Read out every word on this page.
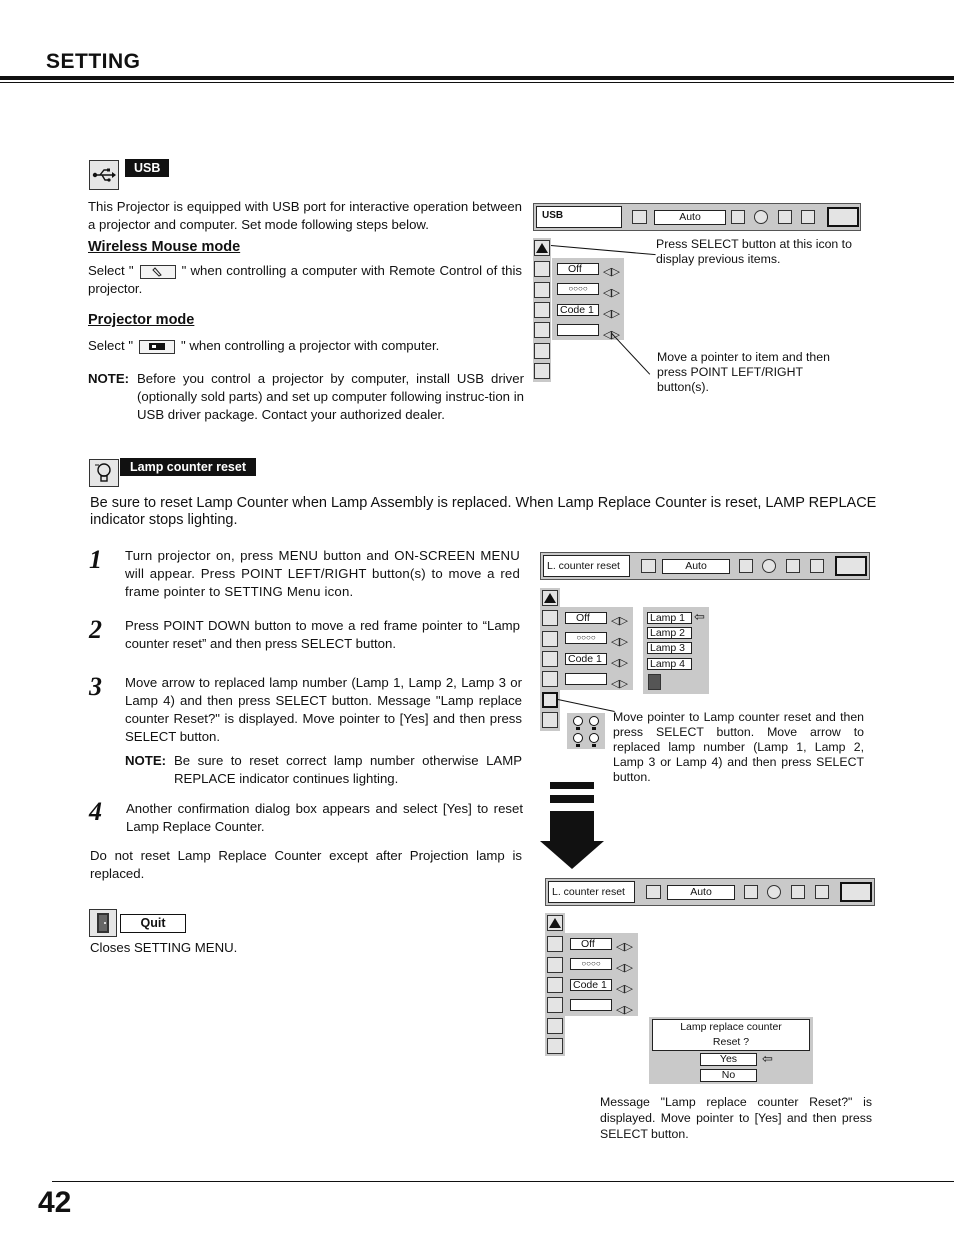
SETTING
USB
This Projector is equipped with USB port for interactive operation between a projector and computer. Set mode following steps below.
Wireless Mouse mode
Select "	" when controlling a computer with Remote Control of this projector.
Projector mode
Select "	" when controlling a projector with computer.
NOTE: Before you control a projector by computer, install USB driver (optionally sold parts) and set up computer following instruc-tion in USB driver package. Contact your authorized dealer.
USB	Auto
Off
○○○○
Code 1
◁▷
◁▷
◁▷
◁▷
Press SELECT button at this icon to display previous items.
Move a pointer to item and then press POINT LEFT/RIGHT button(s).
Lamp counter reset
Be sure to reset Lamp Counter when Lamp Assembly is replaced. When Lamp Replace Counter is reset, LAMP REPLACE indicator stops lighting.
1 Turn projector on, press MENU button and ON-SCREEN MENU will appear. Press POINT LEFT/RIGHT button(s) to move a red frame pointer to SETTING Menu icon.
2 Press POINT DOWN button to move a red frame pointer to “Lamp counter reset” and then press SELECT button.
3 Move arrow to replaced lamp number (Lamp 1, Lamp 2, Lamp 3 or Lamp 4) and then press SELECT button. Message "Lamp replace counter Reset?" is displayed. Move pointer to [Yes] and then press SELECT button.
NOTE: Be sure to reset correct lamp number otherwise LAMP REPLACE indicator continues lighting.
4 Another confirmation dialog box appears and select [Yes] to reset Lamp Replace Counter.
Do not reset Lamp Replace Counter except after Projection lamp is replaced.
L. counter reset	Auto
Off
○○○○
Code 1
◁▷
◁▷
◁▷
◁▷
Lamp 1
Lamp 2
Lamp 3
Lamp 4
⇦
Move pointer to Lamp counter reset and then press SELECT button. Move arrow to replaced lamp number (Lamp 1, Lamp 2, Lamp 3 or Lamp 4) and then press SELECT button.
L. counter reset	Auto
Off
○○○○
Code 1
◁▷
◁▷
◁▷
◁▷
Lamp replace counter
Reset ?
Yes
No
⇦
Message "Lamp replace counter Reset?" is displayed. Move pointer to [Yes] and then press SELECT button.
Quit
Closes SETTING MENU.
42
